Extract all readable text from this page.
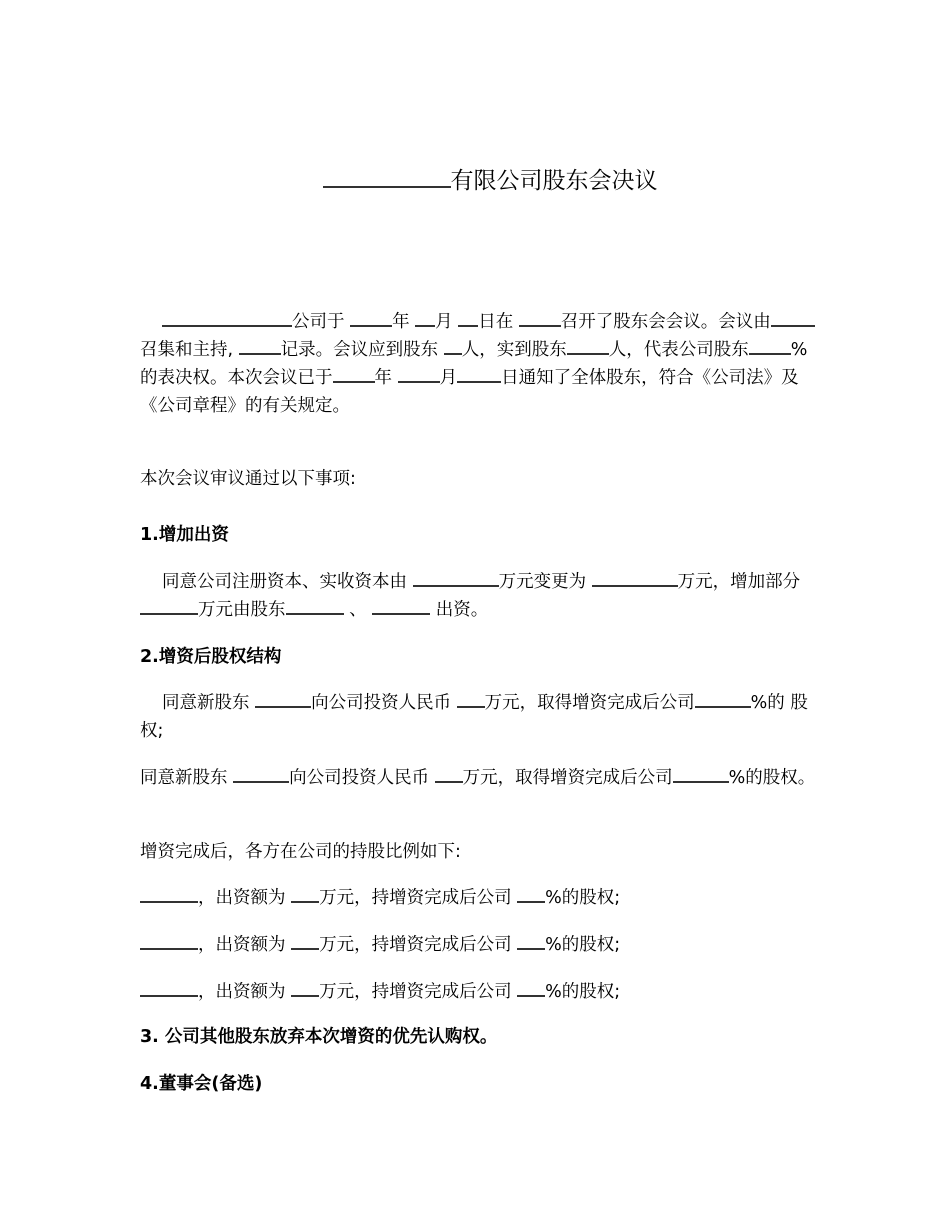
有限公司股东会决议

公司于	年 月 日在	召开了股东会会议。会议由召集和主持,	记录。会议应到股东 人，实到股东 人，代表公司股东 %的表决权。本次会议已于 年	月	日通知了全体股东，符合《公司法》及《公司章程》的有关规定。

本次会议审议通过以下事项:

1.增加出资

同意公司注册资本、实收资本由	万元变更为	万元，增加部分万元由股东	、	出资。

2.增资后股权结构

同意新股东	向公司投资人民币 万元，取得增资完成后公司	%的 股权;

同意新股东	向公司投资人民币 万元，取得增资完成后公司	%的股权。

增资完成后，各方在公司的持股比例如下:

，出资额为 万元，持增资完成后公司 %的股权;

，出资额为 万元，持增资完成后公司 %的股权;

，出资额为 万元，持增资完成后公司 %的股权;

3. 公司其他股东放弃本次增资的优先认购权。

4.董事会(备选)
